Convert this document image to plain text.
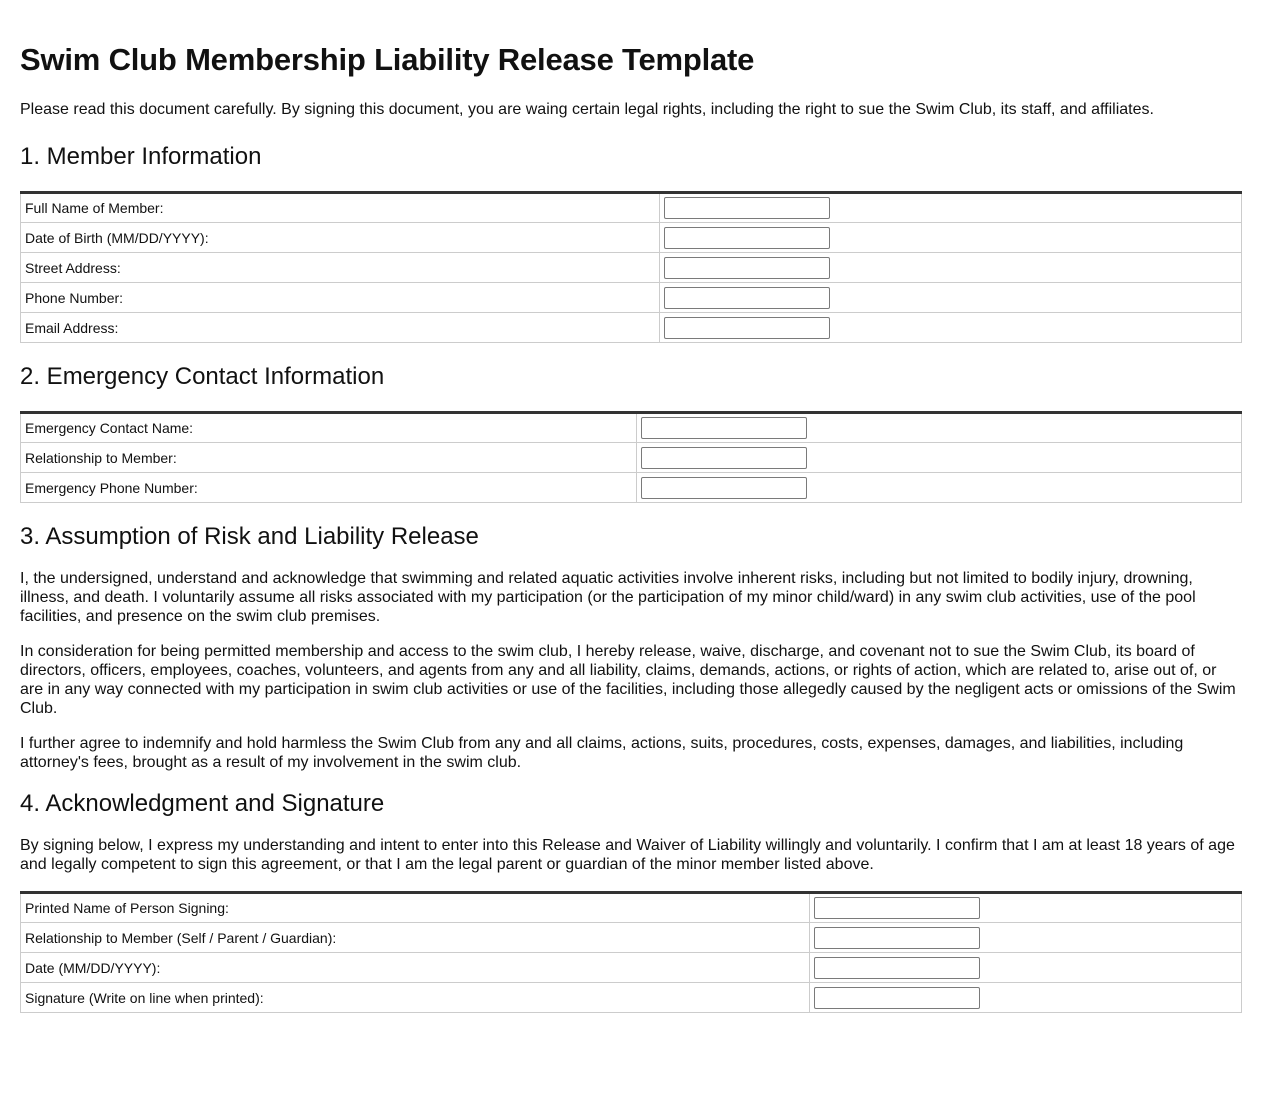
Swim Club Membership Liability Release Template

Please read this document carefully. By signing this document, you are waing certain legal rights, including the right to sue the Swim Club, its staff, and affiliates.

1. Member Information
Full Name of Member:	

Date of Birth (MM/DD/YYYY):	

Street Address:	

Phone Number:	

Email Address:	
2. Emergency Contact Information
Emergency Contact Name:	

Relationship to Member:	

Emergency Phone Number:	
3. Assumption of Risk and Liability Release

I, the undersigned, understand and acknowledge that swimming and related aquatic activities involve inherent risks, including but not limited to bodily injury, drowning, illness, and death. I voluntarily assume all risks associated with my participation (or the participation of my minor child/ward) in any swim club activities, use of the pool facilities, and presence on the swim club premises.

In consideration for being permitted membership and access to the swim club, I hereby release, waive, discharge, and covenant not to sue the Swim Club, its board of directors, officers, employees, coaches, volunteers, and agents from any and all liability, claims, demands, actions, or rights of action, which are related to, arise out of, or are in any way connected with my participation in swim club activities or use of the facilities, including those allegedly caused by the negligent acts or omissions of the Swim Club.

I further agree to indemnify and hold harmless the Swim Club from any and all claims, actions, suits, procedures, costs, expenses, damages, and liabilities, including attorney's fees, brought as a result of my involvement in the swim club.

4. Acknowledgment and Signature

By signing below, I express my understanding and intent to enter into this Release and Waiver of Liability willingly and voluntarily. I confirm that I am at least 18 years of age and legally competent to sign this agreement, or that I am the legal parent or guardian of the minor member listed above.

Printed Name of Person Signing:	

Relationship to Member (Self / Parent / Guardian):	

Date (MM/DD/YYYY):	

Signature (Write on line when printed):	
